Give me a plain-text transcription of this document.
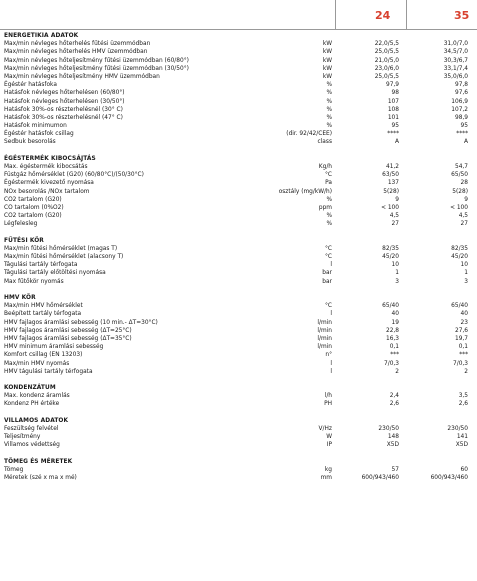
24	35
ENERGETIKIA ADATOK
Max/min névleges hőterhelés fűtési üzemmódban	kW	22,0/5,5	31,0/7,0
Max/min névleges hőterhelés HMV üzemmódban	kW	25,0/5,5	34,5/7,0
Max/min névleges hőteljesítmény fűtési üzemmódban (60/80°)	kW	21,0/5,0	30,3/6,7
Max/min névleges hőteljesítmény fűtési üzemmódban (30/50°)	kW	23,0/6,0	33,1/7,4
Max/min névleges hőteljesítmény HMV üzemmódban	kW	25,0/5,5	35,0/6,0
Égéstér hatásfoka	%	97,9	97,8
Hatásfok névleges hőterhelésen (60/80°)	%	98	97,6
Hatásfok névleges hőterhelésen (30/50°)	%	107	106,9
Hatásfok 30%-os részterhelésnél (30° C)	%	108	107,2
Hatásfok 30%-os részterhelésnél (47° C)	%	101	98,9
Hatásfok minimumon	%	95	95
Égéstér hatásfok csillag	(dir. 92/42/CEE)	****	****
Sedbuk besorolás	class	A	A
ÉGÉSTERMÉK KIBOCSÁJTÁS
Max. égéstermék kibocsátás	Kg/h	41,2	54,7
Füstgáz hőmérséklet (G20) (60/80°C)/(50/30°C)	°C	63/50	65/50
Égéstermék kivezető nyomása	Pa	137	28
NOx besorolás /NOx tartalom	osztály (mg/kW/h)	5(28)	5(28)
CO2 tartalom (G20)	%	9	9
CO tartalom (0%O2)	ppm	< 100	< 100
CO2 tartalom (G20)	%	4,5	4,5
Légfelesleg	%	27	27
FŰTÉSI KÖR
Max/min fűtési hőmérséklet (magas T)	°C	82/35	82/35
Max/min fűtési hőmérséklet (alacsony T)	°C	45/20	45/20
Tágulási tartály térfogata	l	10	10
Tágulási tartály előtöltési nyomása	bar	1	1
Max fűtőkör nyomás	bar	3	3
HMV KÖR
Max/min HMV hőmérséklet	°C	65/40	65/40
Beépített tartály térfogata	l	40	40
HMV fajlagos áramlási sebesség (10 min.- ΔT=30°C)	l/min	19	23
HMV fajlagos áramlási sebesség (ΔT=25°C)	l/min	22,8	27,6
HMV fajlagos áramlási sebesség (ΔT=35°C)	l/min	16,3	19,7
HMV minimum áramlási sebesség	l/min	0,1	0,1
Komfort csillag (EN 13203)	n°	***	***
Max/min HMV nyomás	l	7/0,3	7/0,3
HMV tágulási tartály térfogata	l	2	2
KONDENZÁTUM
Max. kondenz áramlás	l/h	2,4	3,5
Kondenz PH értéke	PH	2,6	2,6
VILLAMOS ADATOK
Feszültség felvétel	V/Hz	230/50	230/50
Teljesítmény	W	148	141
Villamos védettség	IP	X5D	X5D
TÖMEG ÉS MÉRETEK
Tömeg	kg	57	60
Méretek (szé x ma x mé)	mm	600/943/460	600/943/460
